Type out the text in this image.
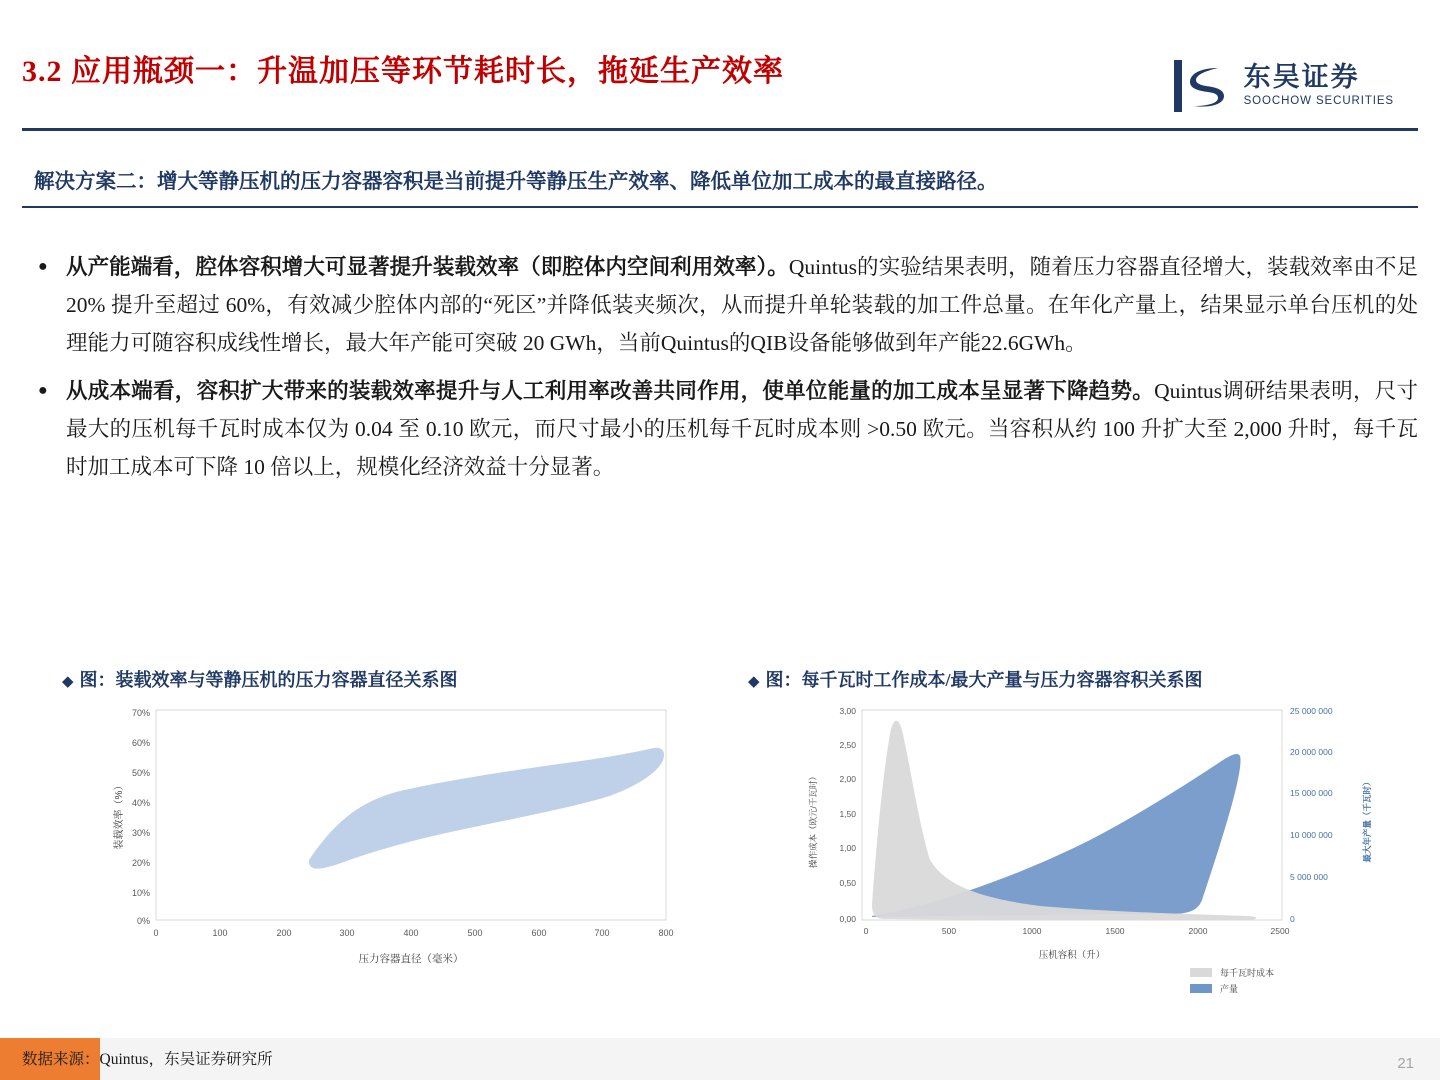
3.2 应用瓶颈一：升温加压等环节耗时长，拖延生产效率	东吴证券
SOOCHOW SECURITIES
解决方案二：增大等静压机的压力容器容积是当前提升等静压生产效率、降低单位加工成本的最直接路径。
● 从产能端看，腔体容积增大可显著提升装载效率（即腔体内空间利用效率）。Quintus的实验结果表明，随着压力容器直径增大，装载效率由不足 20% 提升至超过 60%，有效减少腔体内部的“死区”并降低装夹频次，从而提升单轮装载的加工件总量。在年化产量上，结果显示单台压机的处理能力可随容积成线性增长，最大年产能可突破 20 GWh，当前Quintus的QIB设备能够做到年产能22.6GWh。
● 从成本端看，容积扩大带来的装载效率提升与人工利用率改善共同作用，使单位能量的加工成本呈显著下降趋势。Quintus调研结果表明，尺寸最大的压机每千瓦时成本仅为 0.04 至 0.10 欧元，而尺寸最小的压机每千瓦时成本则 >0.50 欧元。当容积从约 100 升扩大至 2,000 升时，每千瓦时加工成本可下降 10 倍以上，规模化经济效益十分显著。
◆ 图：装载效率与等静压机的压力容器直径关系图	◆ 图：每千瓦时工作成本/最大产量与压力容器容积关系图
70%
60%
50%
40%
30%
20%
10%
0%
0	100	200	300	400	500	600	700	800
装载效率（%）
压力容器直径（毫米）
3,00
2,50
2,00
1,50
1,00
0,50
0,00
25 000 000
20 000 000
15 000 000
10 000 000
5 000 000
0
0	500	1000	1500	2000	2500
操作成本（欧元/千瓦时）	最大年产量（千瓦时）
压机容积（升）
每千瓦时成本
产量
数据来源：Quintus，东吴证券研究所	21
